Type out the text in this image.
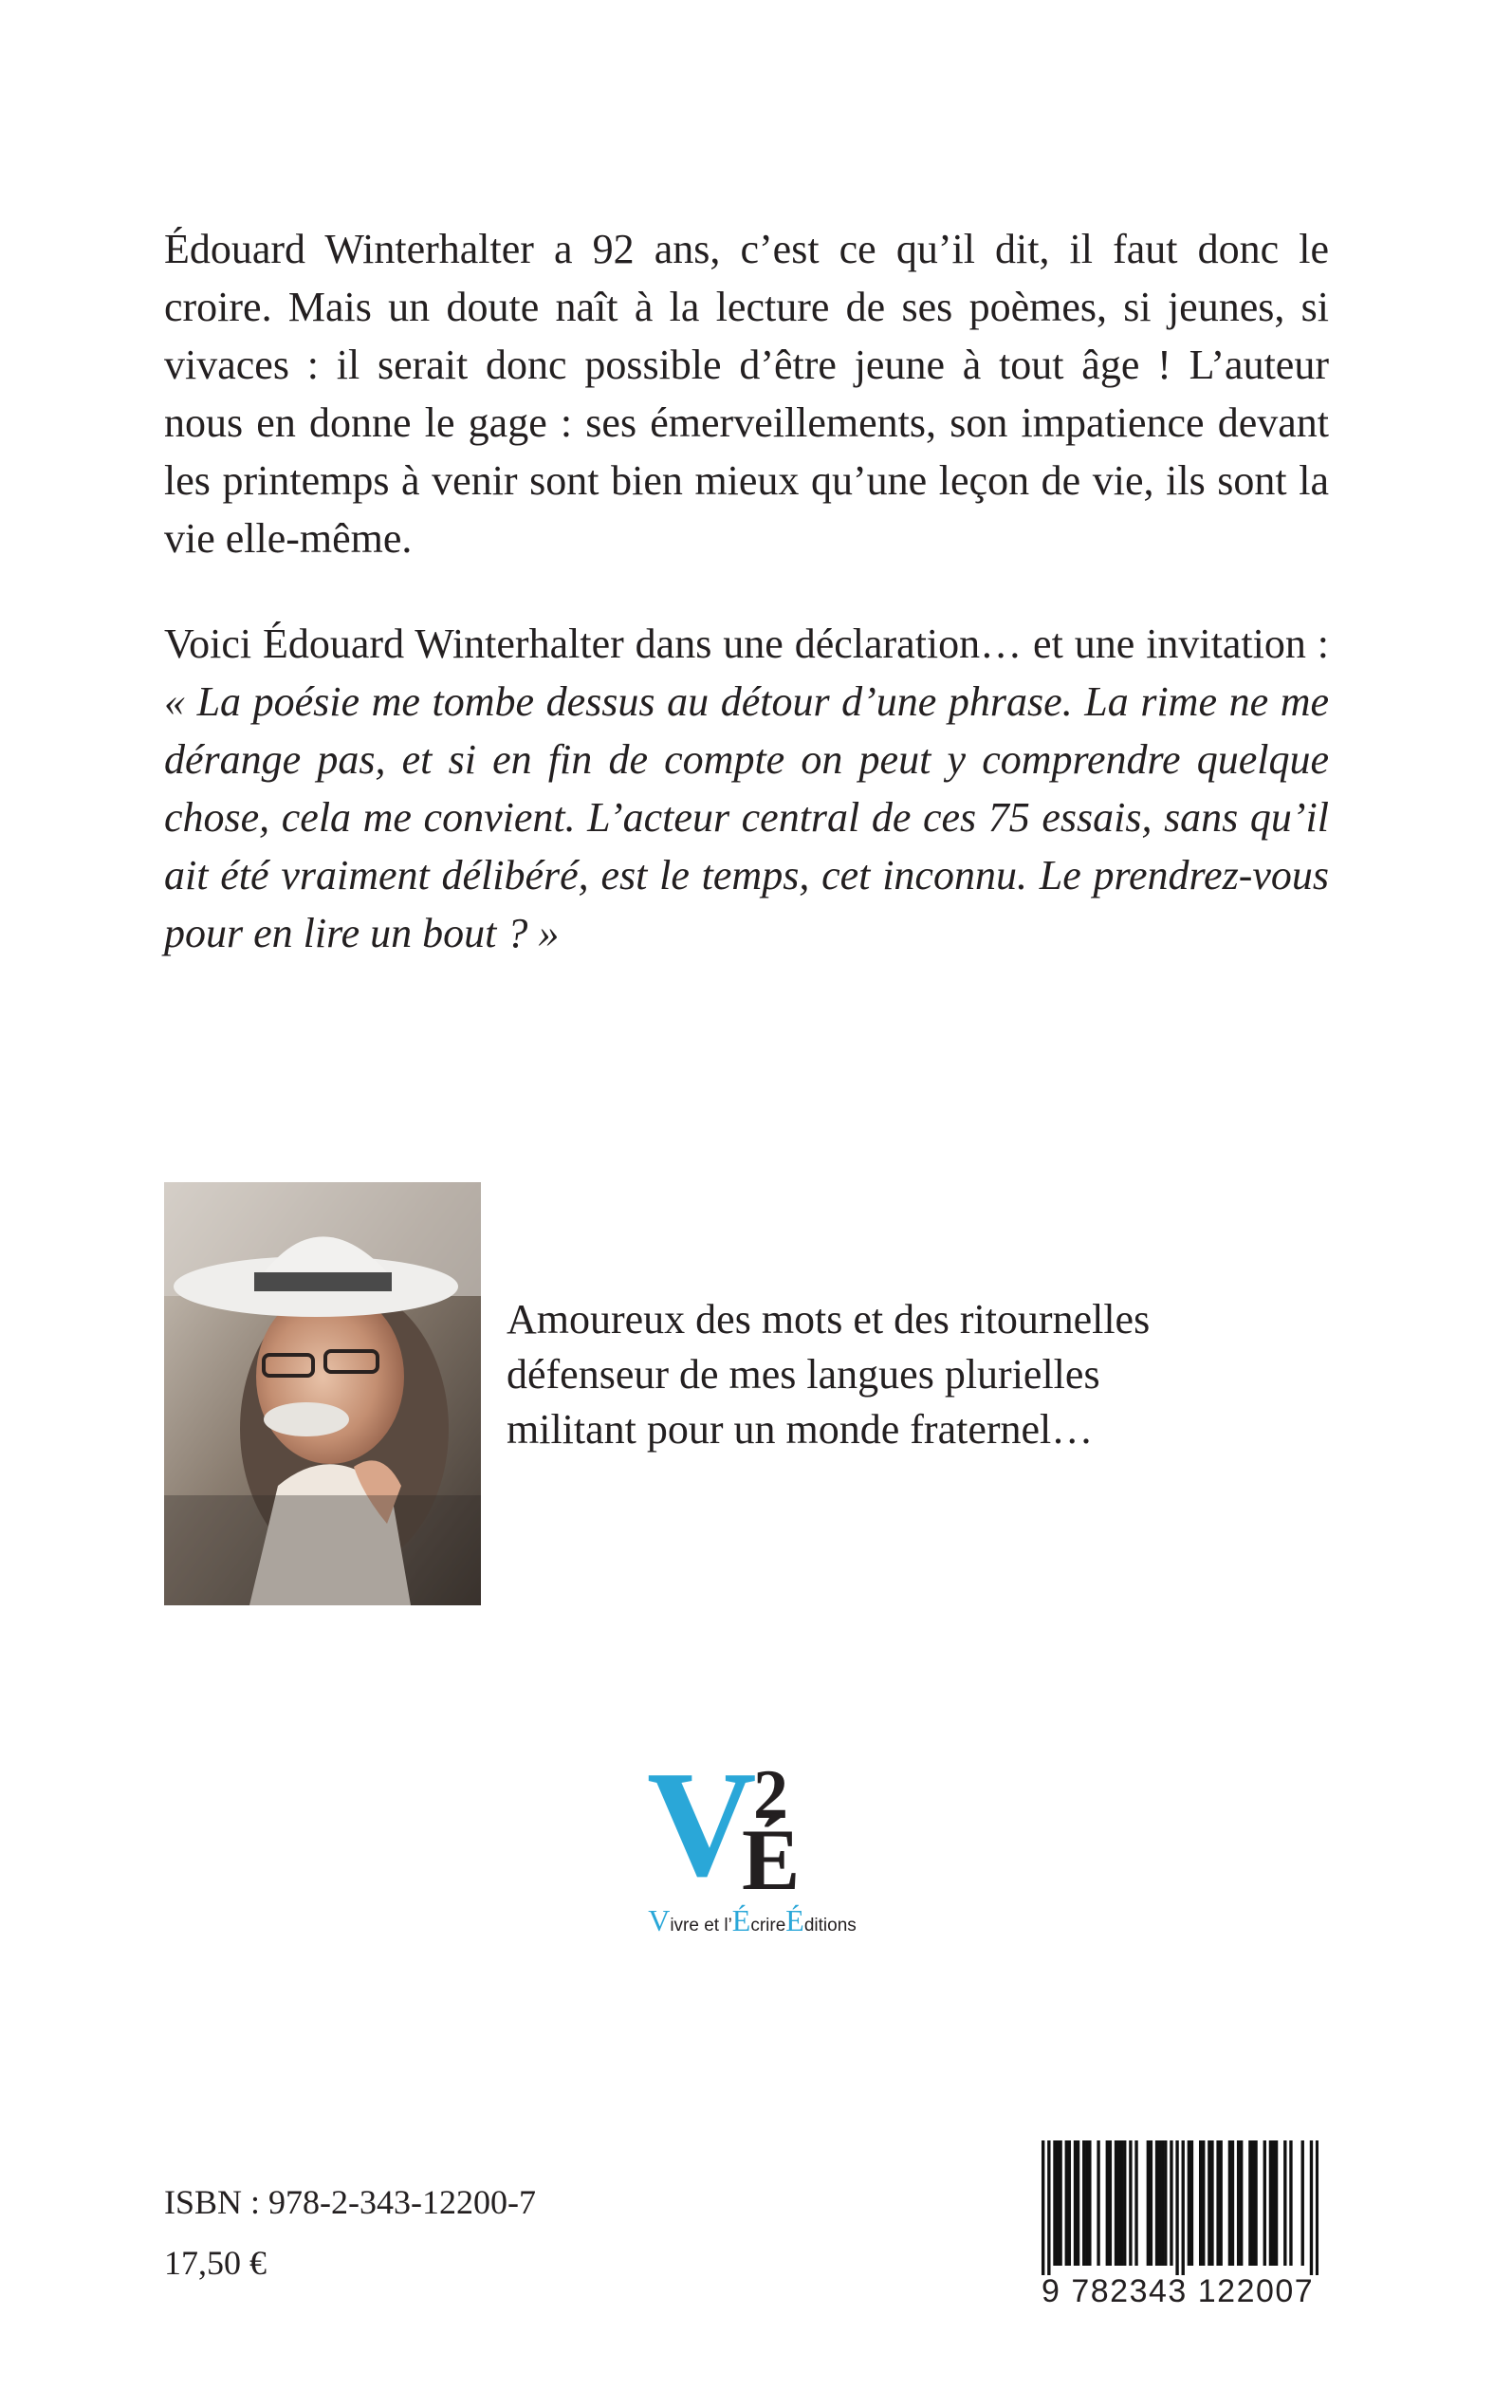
Édouard Winterhalter a 92 ans, c’est ce qu’il dit, il faut donc le croire. Mais un doute naît à la lecture de ses poèmes, si jeunes, si vivaces : il serait donc possible d’être jeune à tout âge ! L’auteur nous en donne le gage : ses émerveillements, son impatience devant les printemps à venir sont bien mieux qu’une leçon de vie, ils sont la vie elle-même.

Voici Édouard Winterhalter dans une déclaration… et une invitation : « La poésie me tombe dessus au détour d’une phrase. La rime ne me dérange pas, et si en fin de compte on peut y comprendre quelque chose, cela me convient. L’acteur central de ces 75 essais, sans qu’il ait été vraiment délibéré, est le temps, cet inconnu. Le prendrez-vous pour en lire un bout ? »

Amoureux des mots et des ritournelles
défenseur de mes langues plurielles
militant pour un monde fraternel…
V
2
É
Vivre et l’ÉcrireÉditions
ISBN : 978-2-343-12200-7
17,50 €
9 782343 122007
